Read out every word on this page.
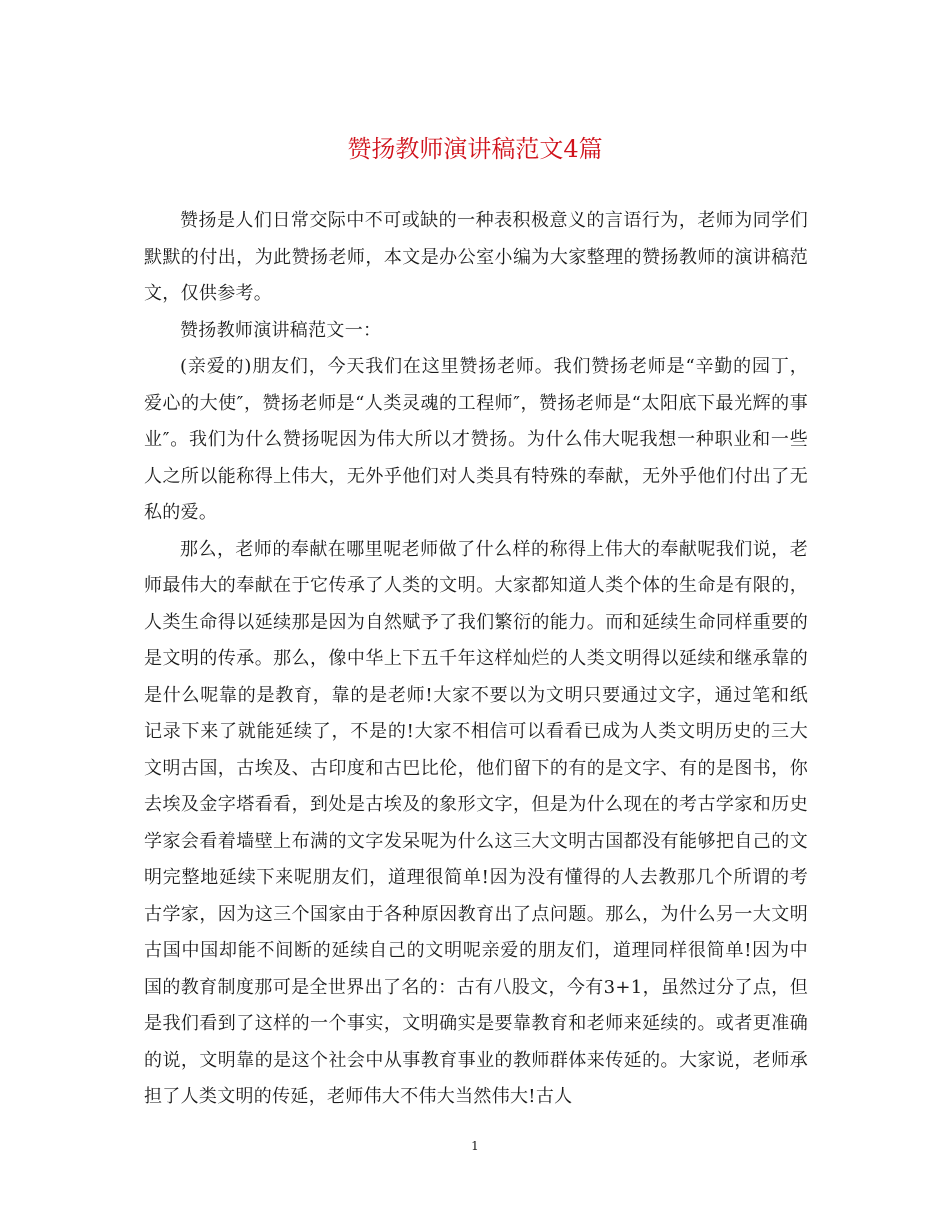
赞扬教师演讲稿范文4篇

赞扬是人们日常交际中不可或缺的一种表积极意义的言语行为，老师为同学们默默的付出，为此赞扬老师，本文是办公室小编为大家整理的赞扬教师的演讲稿范文，仅供参考。

赞扬教师演讲稿范文一：

(亲爱的)朋友们，今天我们在这里赞扬老师。我们赞扬老师是“辛勤的园丁，爱心的大使″，赞扬老师是“人类灵魂的工程师″，赞扬老师是“太阳底下最光辉的事业″。我们为什么赞扬呢因为伟大所以才赞扬。为什么伟大呢我想一种职业和一些人之所以能称得上伟大，无外乎他们对人类具有特殊的奉献，无外乎他们付出了无私的爱。

那么，老师的奉献在哪里呢老师做了什么样的称得上伟大的奉献呢我们说，老师最伟大的奉献在于它传承了人类的文明。大家都知道人类个体的生命是有限的，人类生命得以延续那是因为自然赋予了我们繁衍的能力。而和延续生命同样重要的是文明的传承。那么，像中华上下五千年这样灿烂的人类文明得以延续和继承靠的是什么呢靠的是教育，靠的是老师!大家不要以为文明只要通过文字，通过笔和纸记录下来了就能延续了，不是的!大家不相信可以看看已成为人类文明历史的三大文明古国，古埃及、古印度和古巴比伦，他们留下的有的是文字、有的是图书，你去埃及金字塔看看，到处是古埃及的象形文字，但是为什么现在的考古学家和历史学家会看着墙壁上布满的文字发呆呢为什么这三大文明古国都没有能够把自己的文明完整地延续下来呢朋友们，道理很简单!因为没有懂得的人去教那几个所谓的考古学家，因为这三个国家由于各种原因教育出了点问题。那么，为什么另一大文明古国中国却能不间断的延续自己的文明呢亲爱的朋友们，道理同样很简单!因为中国的教育制度那可是全世界出了名的：古有八股文，今有3+1，虽然过分了点，但是我们看到了这样的一个事实，文明确实是要靠教育和老师来延续的。或者更准确的说，文明靠的是这个社会中从事教育事业的教师群体来传延的。大家说，老师承担了人类文明的传延，老师伟大不伟大当然伟大!古人

1
